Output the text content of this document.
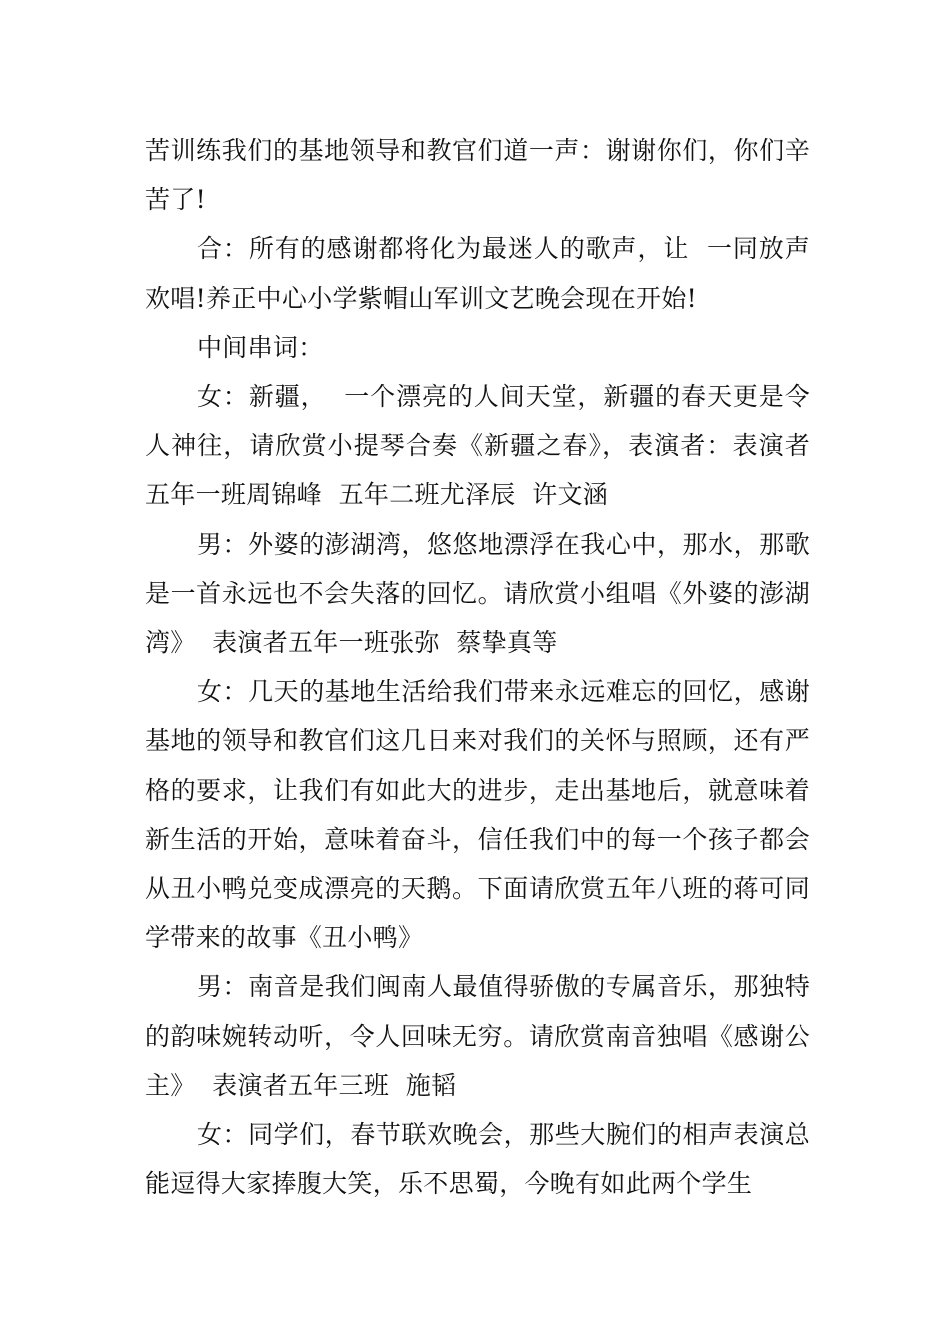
苦训练我们的基地领导和教官们道一声：谢谢你们，你们辛苦了!

合：所有的感谢都将化为最迷人的歌声，让  一同放声欢唱!养正中心小学紫帽山军训文艺晚会现在开始!

中间串词：

女：新疆，  一个漂亮的人间天堂，新疆的春天更是令人神往，请欣赏小提琴合奏《新疆之春》，表演者：表演者五年一班周锦峰  五年二班尤泽辰  许文涵

男：外婆的澎湖湾，悠悠地漂浮在我心中，那水，那歌是一首永远也不会失落的回忆。请欣赏小组唱《外婆的澎湖湾》  表演者五年一班张弥  蔡挚真等

女：几天的基地生活给我们带来永远难忘的回忆，感谢基地的领导和教官们这几日来对我们的关怀与照顾，还有严格的要求，让我们有如此大的进步，走出基地后，就意味着新生活的开始，意味着奋斗，信任我们中的每一个孩子都会从丑小鸭兑变成漂亮的天鹅。下面请欣赏五年八班的蒋可同学带来的故事《丑小鸭》

男：南音是我们闽南人最值得骄傲的专属音乐，那独特的韵味婉转动听，令人回味无穷。请欣赏南音独唱《感谢公主》  表演者五年三班  施韬

女：同学们，春节联欢晚会，那些大腕们的相声表演总能逗得大家捧腹大笑，乐不思蜀，今晚有如此两个学生
